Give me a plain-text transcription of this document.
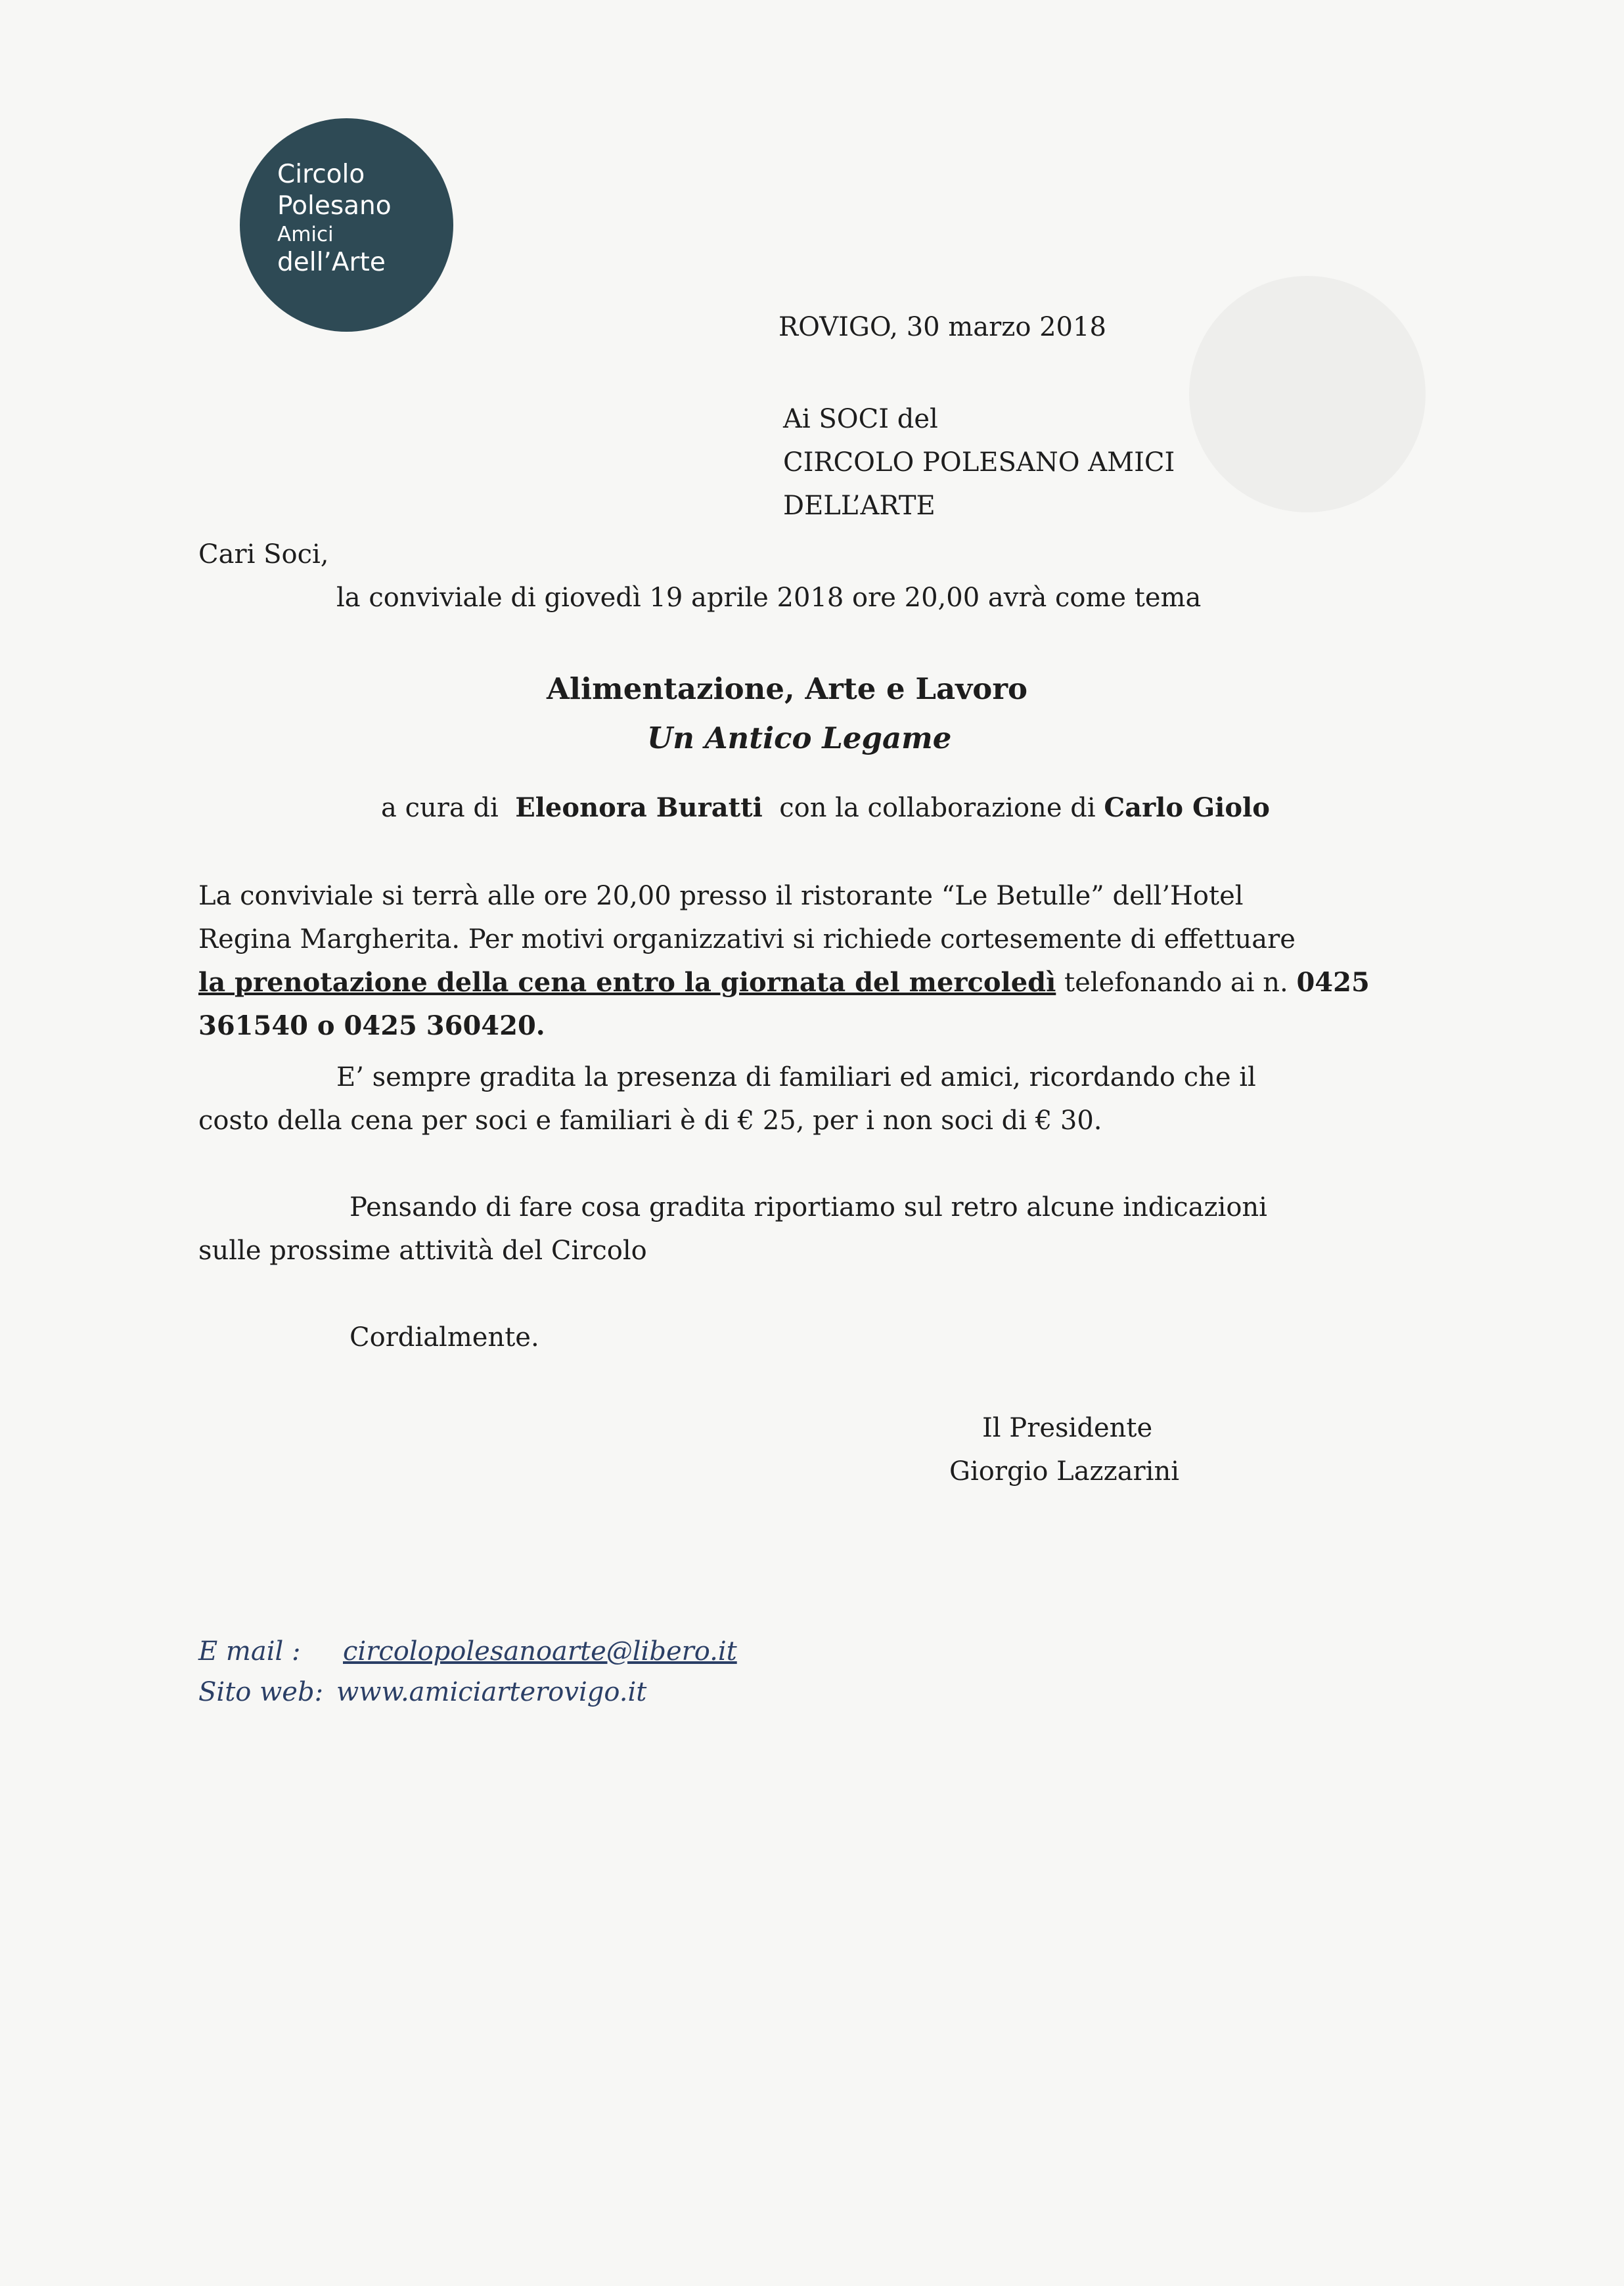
Circolo
Polesano
Amici
dell’Arte
ROVIGO, 30 marzo 2018
Ai SOCI del
CIRCOLO POLESANO AMICI
DELL’ARTE
Cari Soci,
la conviviale di giovedì 19 aprile 2018 ore 20,00 avrà come tema
Alimentazione, Arte e Lavoro
Un Antico Legame
a cura di Eleonora Buratti con la collaborazione di Carlo Giolo
La conviviale si terrà alle ore 20,00 presso il ristorante “Le Betulle” dell’Hotel
Regina Margherita. Per motivi organizzativi si richiede cortesemente di effettuare
la prenotazione della cena entro la giornata del mercoledì telefonando ai n. 0425
361540 o 0425 360420.
E’ sempre gradita la presenza di familiari ed amici, ricordando che il
costo della cena per soci e familiari è di € 25, per i non soci di € 30.
Pensando di fare cosa gradita riportiamo sul retro alcune indicazioni
sulle prossime attività del Circolo
Cordialmente.
Il Presidente
Giorgio Lazzarini
E mail : circolopolesanoarte@libero.it
Sito web: www.amiciarterovigo.it
